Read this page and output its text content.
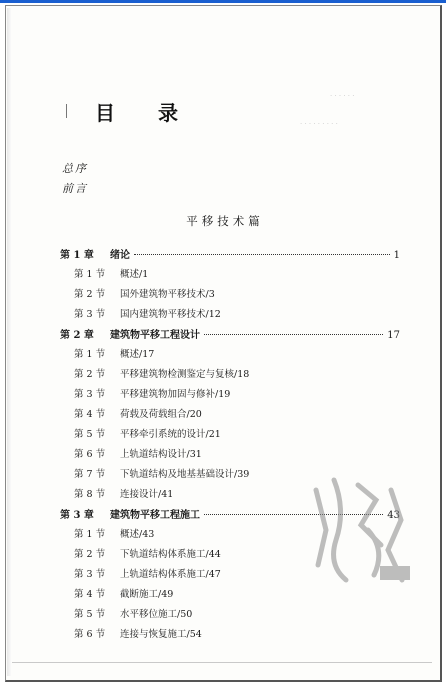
· · · · · ·
· · · · · · · · ·
目 录
总序
前言
平移技术篇
第 1 章	绪论	1
第 1 节	概述/1
第 2 节	国外建筑物平移技术/3
第 3 节	国内建筑物平移技术/12
第 2 章	建筑物平移工程设计	17
第 1 节	概述/17
第 2 节	平移建筑物检测鉴定与复核/18
第 3 节	平移建筑物加固与修补/19
第 4 节	荷载及荷载组合/20
第 5 节	平移牵引系统的设计/21
第 6 节	上轨道结构设计/31
第 7 节	下轨道结构及地基基础设计/39
第 8 节	连接设计/41
第 3 章	建筑物平移工程施工	43
第 1 节	概述/43
第 2 节	下轨道结构体系施工/44
第 3 节	上轨道结构体系施工/47
第 4 节	截断施工/49
第 5 节	水平移位施工/50
第 6 节	连接与恢复施工/54
